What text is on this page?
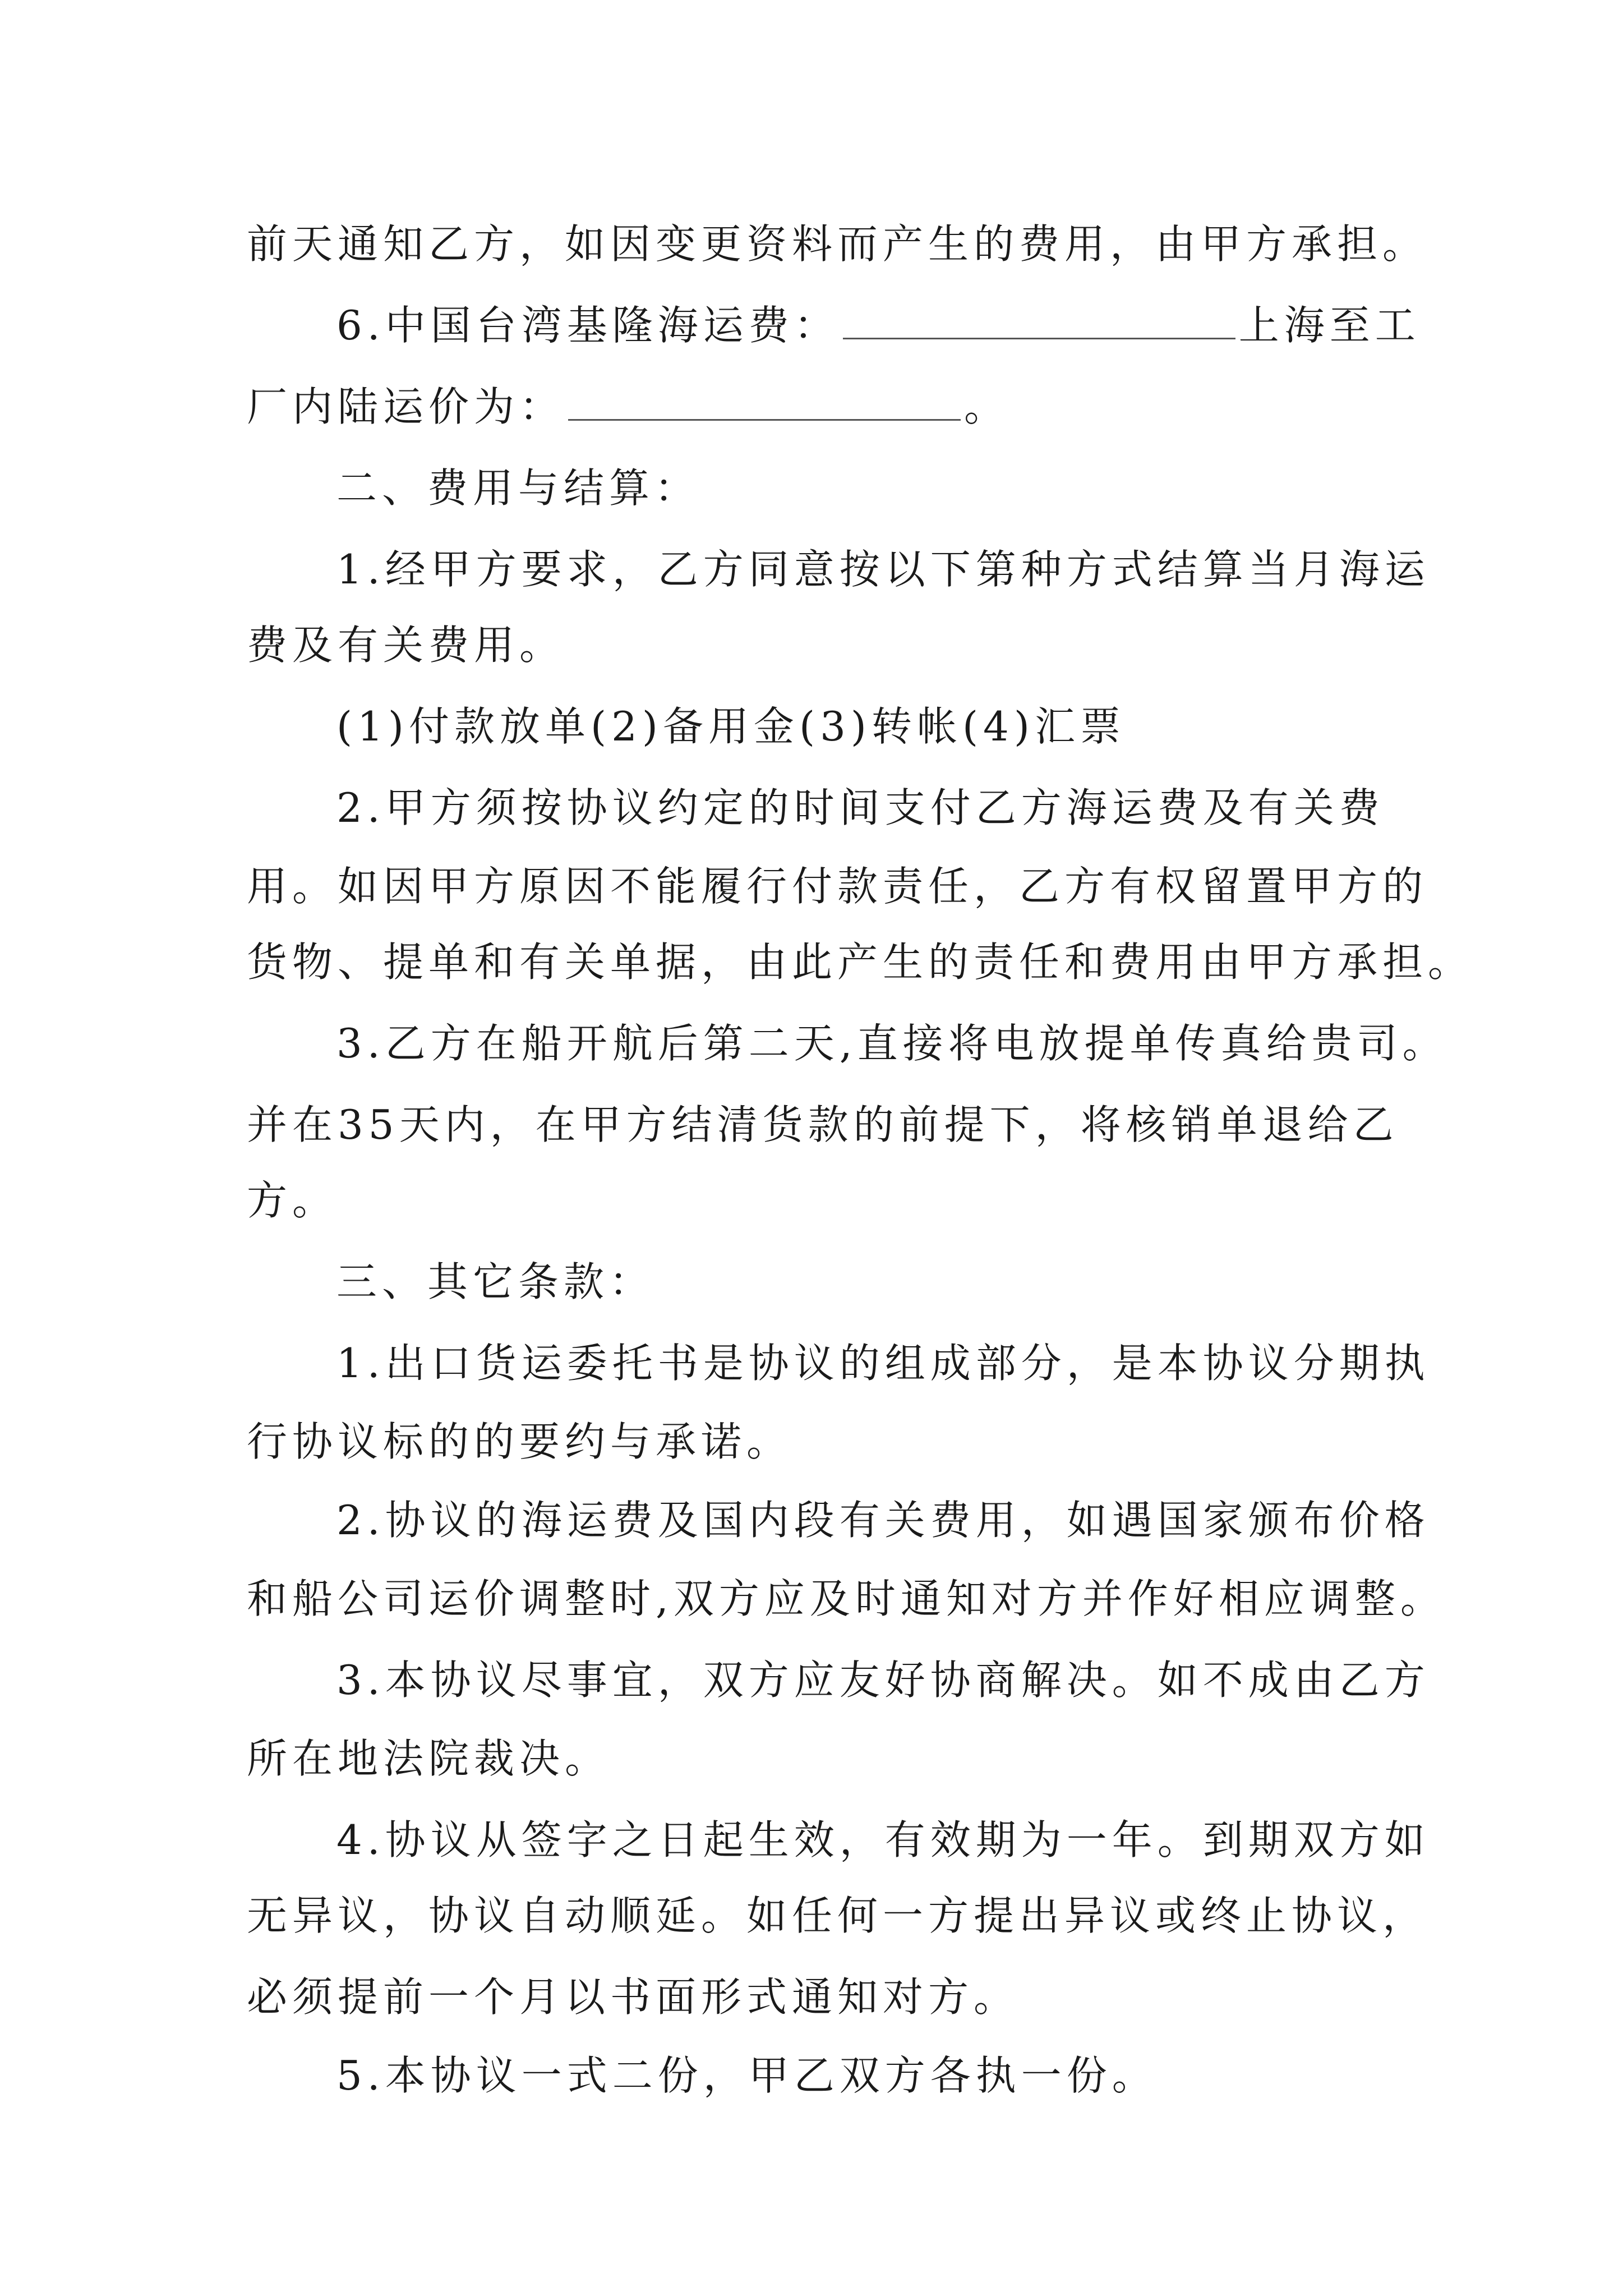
前天通知乙方，如因变更资料而产生的费用，由甲方承担。
6.中国台湾基隆海运费：	上海至工
厂内陆运价为：	。
二、费用与结算：
1.经甲方要求，乙方同意按以下第种方式结算当月海运
费及有关费用。
(1)付款放单(2)备用金(3)转帐(4)汇票
2.甲方须按协议约定的时间支付乙方海运费及有关费
用。如因甲方原因不能履行付款责任，乙方有权留置甲方的
货物、提单和有关单据，由此产生的责任和费用由甲方承担。
3.乙方在船开航后第二天,直接将电放提单传真给贵司。
并在35天内，在甲方结清货款的前提下，将核销单退给乙
方。
三、其它条款：
1.出口货运委托书是协议的组成部分，是本协议分期执
行协议标的的要约与承诺。
2.协议的海运费及国内段有关费用，如遇国家颁布价格
和船公司运价调整时,双方应及时通知对方并作好相应调整。
3.本协议尽事宜，双方应友好协商解决。如不成由乙方
所在地法院裁决。
4.协议从签字之日起生效，有效期为一年。到期双方如
无异议，协议自动顺延。如任何一方提出异议或终止协议，
必须提前一个月以书面形式通知对方。
5.本协议一式二份，甲乙双方各执一份。
